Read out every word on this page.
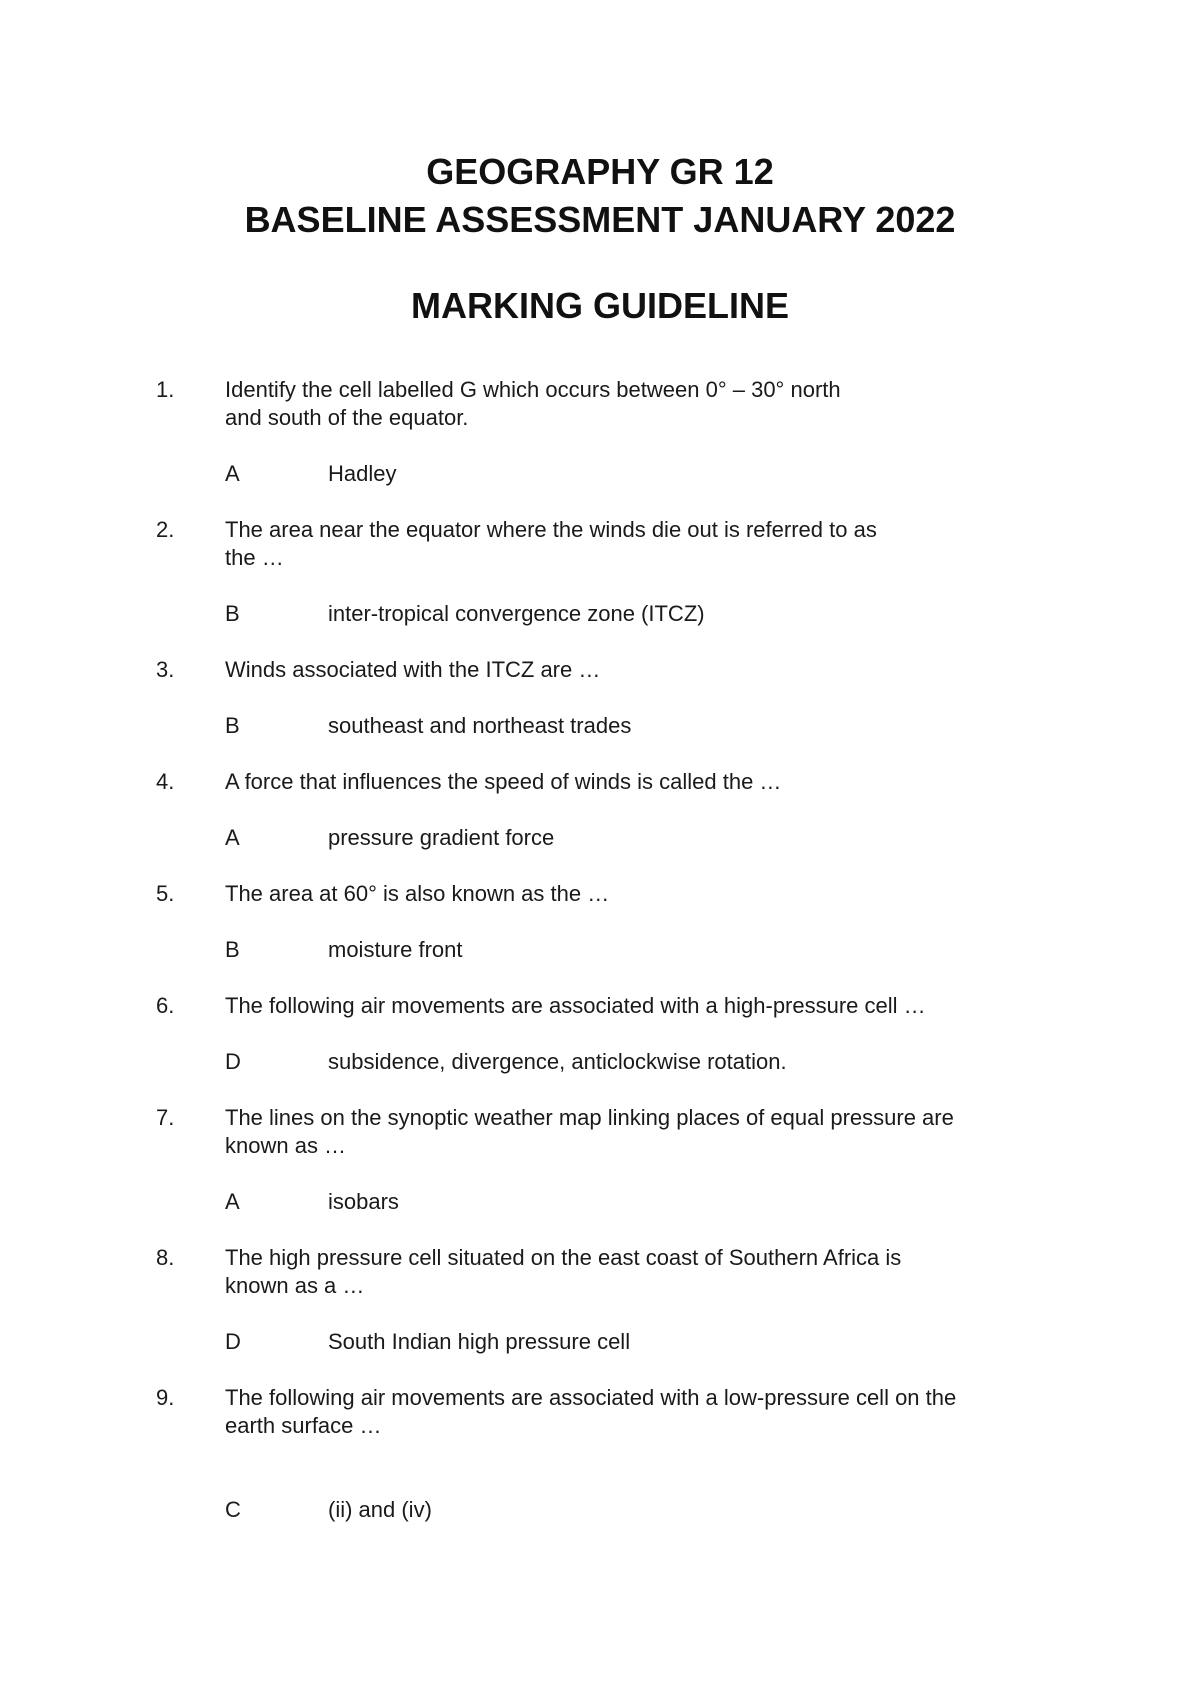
GEOGRAPHY GR 12
BASELINE ASSESSMENT JANUARY 2022
MARKING GUIDELINE
1. Identify the cell labelled G which occurs between 0° – 30° north
and south of the equator.
A	Hadley
2. The area near the equator where the winds die out is referred to as
the …
B	inter-tropical convergence zone (ITCZ)
3. Winds associated with the ITCZ are …
B	southeast and northeast trades
4. A force that influences the speed of winds is called the …
A	pressure gradient force
5. The area at 60° is also known as the …
B	moisture front
6. The following air movements are associated with a high-pressure cell …
D	subsidence, divergence, anticlockwise rotation.
7. The lines on the synoptic weather map linking places of equal pressure are
known as …
A	isobars
8. The high pressure cell situated on the east coast of Southern Africa is
known as a …
D	South Indian high pressure cell
9. The following air movements are associated with a low-pressure cell on the
earth surface …
C	(ii) and (iv)
